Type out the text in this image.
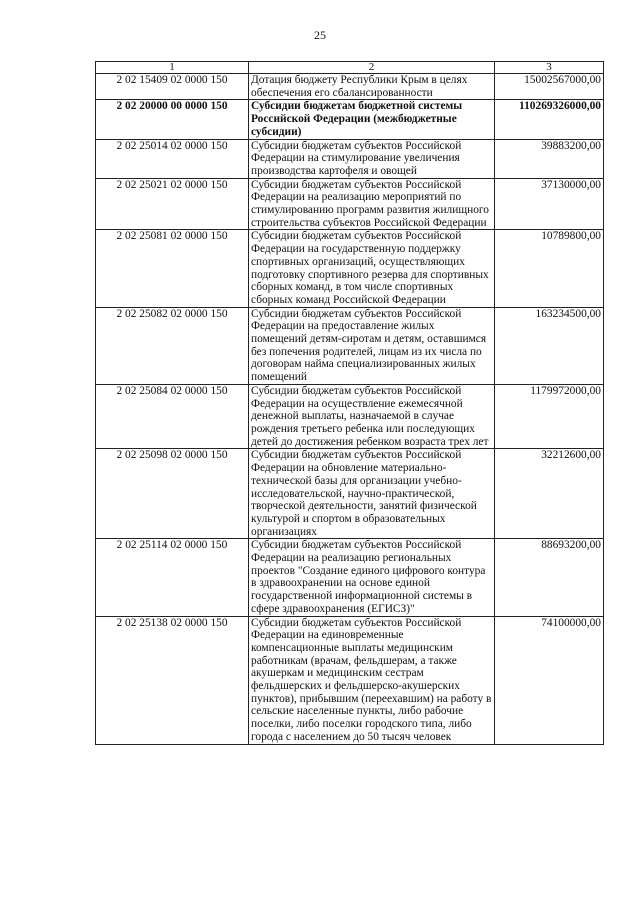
25
1	2	3
2 02 15409 02 0000 150	Дотация бюджету Республики Крым в целях обеспечения его сбалансированности	15002567000,00
2 02 20000 00 0000 150	Субсидии бюджетам бюджетной системы Российской Федерации (межбюджетные субсидии)	110269326000,00
2 02 25014 02 0000 150	Субсидии бюджетам субъектов Российской Федерации на стимулирование увеличения производства картофеля и овощей	39883200,00
2 02 25021 02 0000 150	Субсидии бюджетам субъектов Российской Федерации на реализацию мероприятий по стимулированию программ развития жилищного строительства субъектов Российской Федерации	37130000,00
2 02 25081 02 0000 150	Субсидии бюджетам субъектов Российской Федерации на государственную поддержку спортивных организаций, осуществляющих подготовку спортивного резерва для спортивных сборных команд, в том числе спортивных сборных команд Российской Федерации	10789800,00
2 02 25082 02 0000 150	Субсидии бюджетам субъектов Российской Федерации на предоставление жилых помещений детям-сиротам и детям, оставшимся без попечения родителей, лицам из их числа по договорам найма специализированных жилых помещений	163234500,00
2 02 25084 02 0000 150	Субсидии бюджетам субъектов Российской Федерации на осуществление ежемесячной денежной выплаты, назначаемой в случае рождения третьего ребенка или последующих детей до достижения ребенком возраста трех лет	1179972000,00
2 02 25098 02 0000 150	Субсидии бюджетам субъектов Российской Федерации на обновление материально-технической базы для организации учебно-исследовательской, научно-практической, творческой деятельности, занятий физической культурой и спортом в образовательных организациях	32212600,00
2 02 25114 02 0000 150	Субсидии бюджетам субъектов Российской Федерации на реализацию региональных проектов "Создание единого цифрового контура в здравоохранении на основе единой государственной информационной системы в сфере здравоохранения (ЕГИСЗ)"	88693200,00
2 02 25138 02 0000 150	Субсидии бюджетам субъектов Российской Федерации на единовременные компенсационные выплаты медицинским работникам (врачам, фельдшерам, а также акушеркам и медицинским сестрам фельдшерских и фельдшерско-акушерских пунктов), прибывшим (переехавшим) на работу в сельские населенные пункты, либо рабочие поселки, либо поселки городского типа, либо города с населением до 50 тысяч человек	74100000,00
